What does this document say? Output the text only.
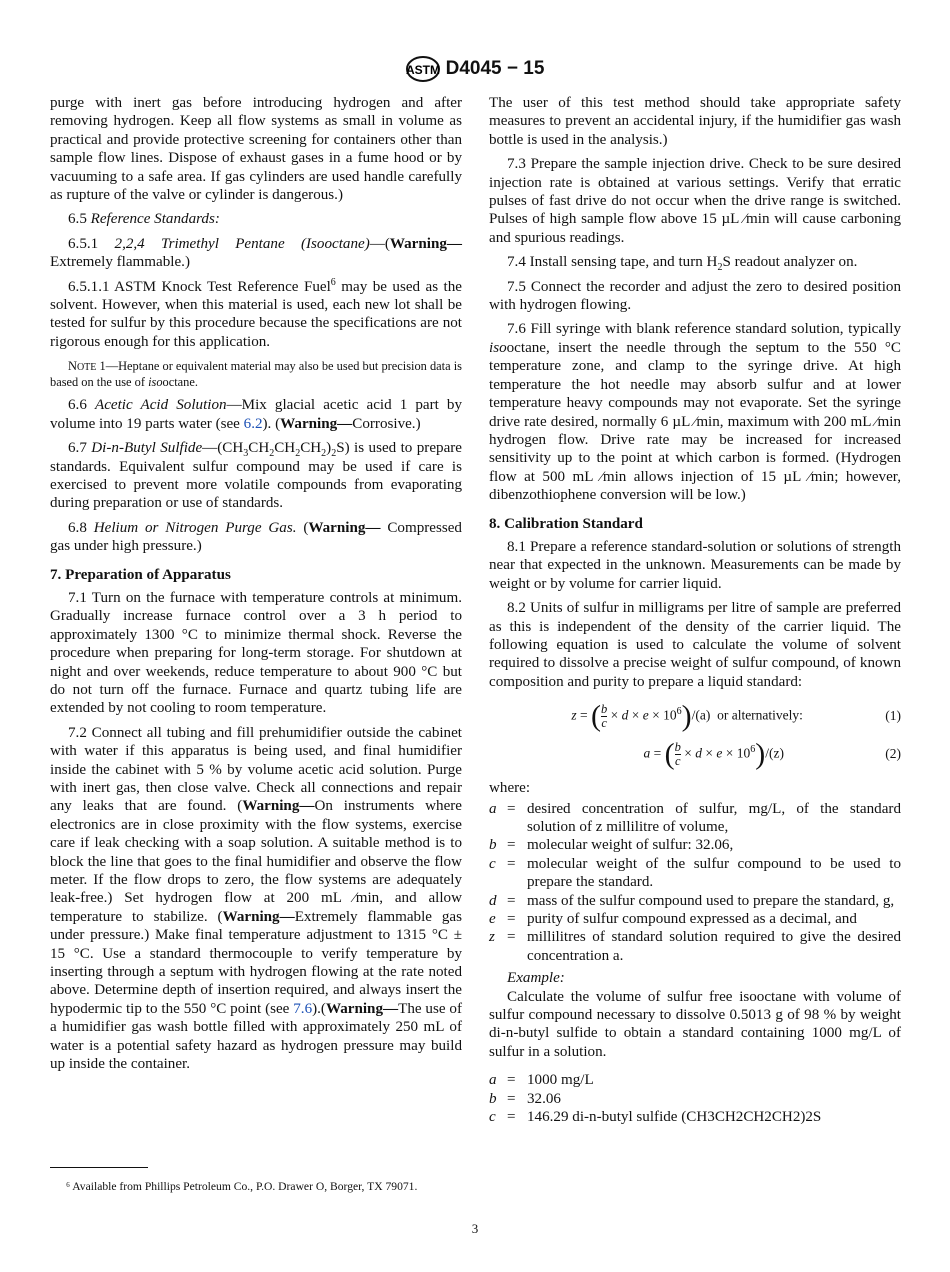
ASTM D4045 − 15
purge with inert gas before introducing hydrogen and after removing hydrogen. Keep all flow systems as small in volume as practical and provide protective screening for containers other than sample flow lines. Dispose of exhaust gases in a fume hood or by vacuuming to a safe area. If gas cylinders are used handle carefully as rupture of the valve or cylinder is dangerous.)
6.5 Reference Standards:
6.5.1 2,2,4 Trimethyl Pentane (Isooctane)—(Warning— Extremely flammable.)
6.5.1.1 ASTM Knock Test Reference Fuel$^6$ may be used as the solvent. However, when this material is used, each new lot shall be tested for sulfur by this procedure because the specifications are not rigorous enough for this application.
NOTE 1—Heptane or equivalent material may also be used but precision data is based on the use of isooctane.
6.6 Acetic Acid Solution—Mix glacial acetic acid 1 part by volume into 19 parts water (see 6.2). (Warning—Corrosive.)
6.7 Di-n-Butyl $Sulfide—(CH_3CH_2CH_2CH_2)_2S$) is used to prepare standards. Equivalent sulfur compound may be used if care is exercised to prevent more volatile compounds from evaporating during preparation or use of standards.
6.8 Helium or Nitrogen Purge Gas. (Warning— Compressed gas under high pressure.)
7. Preparation of Apparatus
7.1 Turn on the furnace with temperature controls at minimum. Gradually increase furnace control over a 3 h period to approximately 1300 °C to minimize thermal shock. Reverse the procedure when preparing for long-term storage. For shutdown at night and over weekends, reduce temperature to about 900 °C but do not turn off the furnace. Furnace and quartz tubing life are extended by not cooling to room temperature.
7.2 Connect all tubing and fill prehumidifier outside the cabinet with water if this apparatus is being used, and final humidifier inside the cabinet with 5 % by volume acetic acid solution. Purge with inert gas, then close valve. Check all connections and repair any leaks that are found. (Warning—On instruments where electronics are in close proximity with the flow systems, exercise care if leak checking with a soap solution. A suitable method is to block the line that goes to the final humidifier and observe the flow meter. If the flow drops to zero, the flow systems are adequately leak-free.) Set hydrogen flow at 200 mL ⁄min, and allow temperature to stabilize. (Warning—Extremely flammable gas under pressure.) Make final temperature adjustment to 1315 °C ± 15 °C. Use a standard thermocouple to verify temperature by inserting through a septum with hydrogen flowing at the rate noted above. Determine depth of insertion required, and always insert the hypodermic tip to the 550 °C point (see 7.6).(Warning—The use of a humidifier gas wash bottle filled with approximately 250 mL of water is a potential safety hazard as hydrogen pressure may build up inside the container.
The user of this test method should take appropriate safety measures to prevent an accidental injury, if the humidifier gas wash bottle is used in the analysis.)
7.3 Prepare the sample injection drive. Check to be sure desired injection rate is obtained at various settings. Verify that erratic pulses of fast drive do not occur when the drive range is switched. Pulses of high sample flow above 15 µL ⁄min will cause carboning and spurious readings.
7.4 Install sensing tape, and turn $H_2S$ readout analyzer on.
7.5 Connect the recorder and adjust the zero to desired position with hydrogen flowing.
7.6 Fill syringe with blank reference standard solution, typically isooctane, insert the needle through the septum to the 550 °C temperature zone, and clamp to the syringe drive. At high temperature the hot needle may absorb sulfur and at lower temperature heavy compounds may not evaporate. Set the syringe drive rate desired, normally 6 µL ⁄min, maximum with 200 mL ⁄min hydrogen flow. Drive rate may be increased for increased sensitivity up to the point at which carbon is formed. (Hydrogen flow at 500 mL ⁄min allows injection of 15 µL ⁄min; however, dibenzothiophene conversion will be low.)
8. Calibration Standard
8.1 Prepare a reference standard-solution or solutions of strength near that expected in the unknown. Measurements can be made by weight or by volume for carrier liquid.
8.2 Units of sulfur in milligrams per litre of sample are preferred as this is independent of the density of the carrier liquid. The following equation is used to calculate the volume of solvent required to dissolve a precise weight of sulfur compound, of known composition and purity to prepare a liquid standard:
z = ( $\frac{b}{c} \times d \times e \times 10^6)/(a)$  or alternatively:	(1)
a = ( $\frac{b}{c} \times d \times e \times 10^6)/(z)$	(2)
where:
a = desired concentration of sulfur, mg/L, of the standard solution of z millilitre of volume,
b = molecular weight of sulfur: 32.06,
c = molecular weight of the sulfur compound to be used to prepare the standard.
d = mass of the sulfur compound used to prepare the standard, g,
e = purity of sulfur compound expressed as a decimal, and
z = millilitres of standard solution required to give the desired concentration a.
Example:
Calculate the volume of sulfur free isooctane with volume of sulfur compound necessary to dissolve 0.5013 g of 98 % by weight di-n-butyl sulfide to obtain a standard containing 1000 mg/L of sulfur in a solution.
a = 1000 mg/L
b = 32.06
c = 146.29 di-n-butyl sulfide (CH3CH2CH2CH2)2S
⁶ Available from Phillips Petroleum Co., P.O. Drawer O, Borger, TX 79071.
3
